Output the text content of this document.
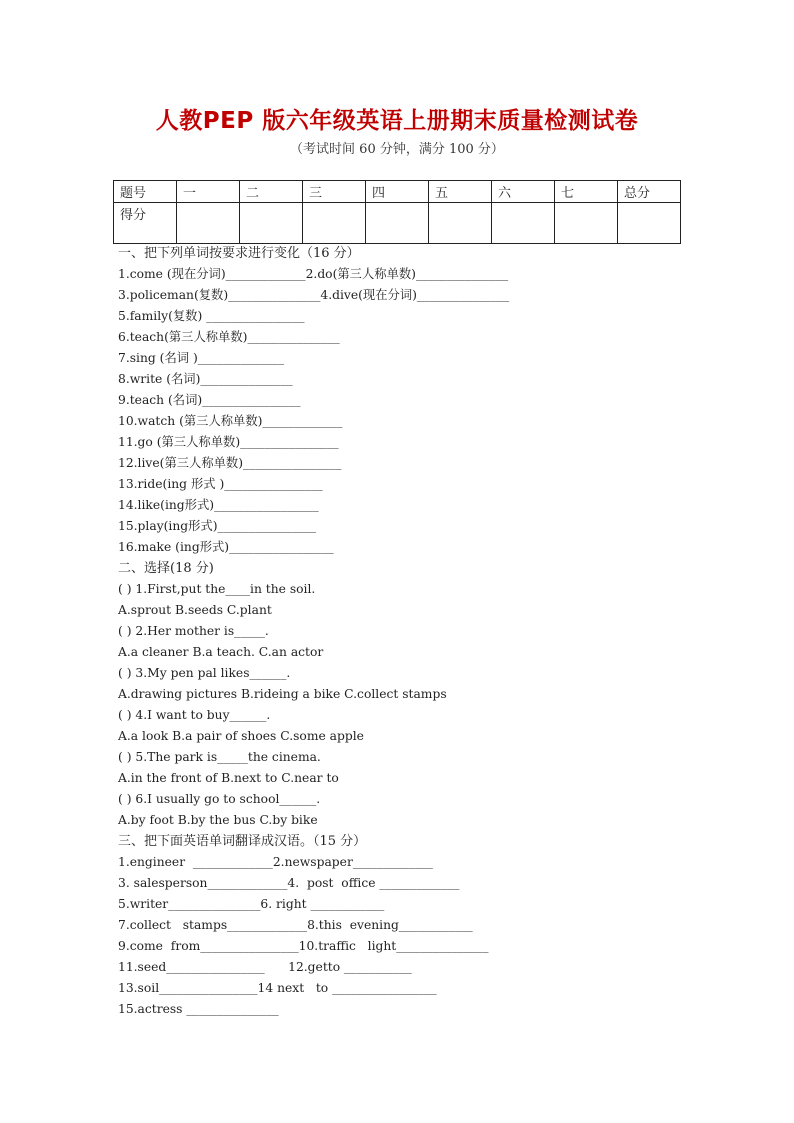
人教PEP 版六年级英语上册期末质量检测试卷
（考试时间 60 分钟，满分 100 分）
题号	一	二	三	四	五	六	七	总分
得分								
一、把下列单词按要求进行变化（16 分）
1.come (现在分词)_____________2.do(第三人称单数)_______________
3.policeman(复数)_______________4.dive(现在分词)_______________
5.family(复数) ________________
6.teach(第三人称单数)_______________
7.sing (名词 )______________
8.write (名词)_______________
9.teach (名词)________________
10.watch (第三人称单数)_____________
11.go (第三人称单数)________________
12.live(第三人称单数)________________
13.ride(ing 形式 )________________
14.like(ing形式)_________________
15.play(ing形式)________________
16.make (ing形式)_________________
二、选择(18 分)
( ) 1.First,put the____in the soil.
A.sprout B.seeds C.plant
( ) 2.Her mother is_____.
A.a cleaner B.a teach. C.an actor
( ) 3.My pen pal likes______.
A.drawing pictures B.rideing a bike C.collect stamps
( ) 4.I want to buy______.
A.a look B.a pair of shoes C.some apple
( ) 5.The park is_____the cinema.
A.in the front of B.next to C.near to
( ) 6.I usually go to school______.
A.by foot B.by the bus C.by bike
三、把下面英语单词翻译成汉语。（15 分）
1.engineer  _____________2.newspaper_____________
3. salesperson_____________4.  post  office _____________
5.writer_______________6. right ____________
7.collect   stamps_____________8.this  evening____________
9.come  from________________10.traffic   light_______________
11.seed________________      12.getto ___________
13.soil________________14 next   to _________________
15.actress _______________
